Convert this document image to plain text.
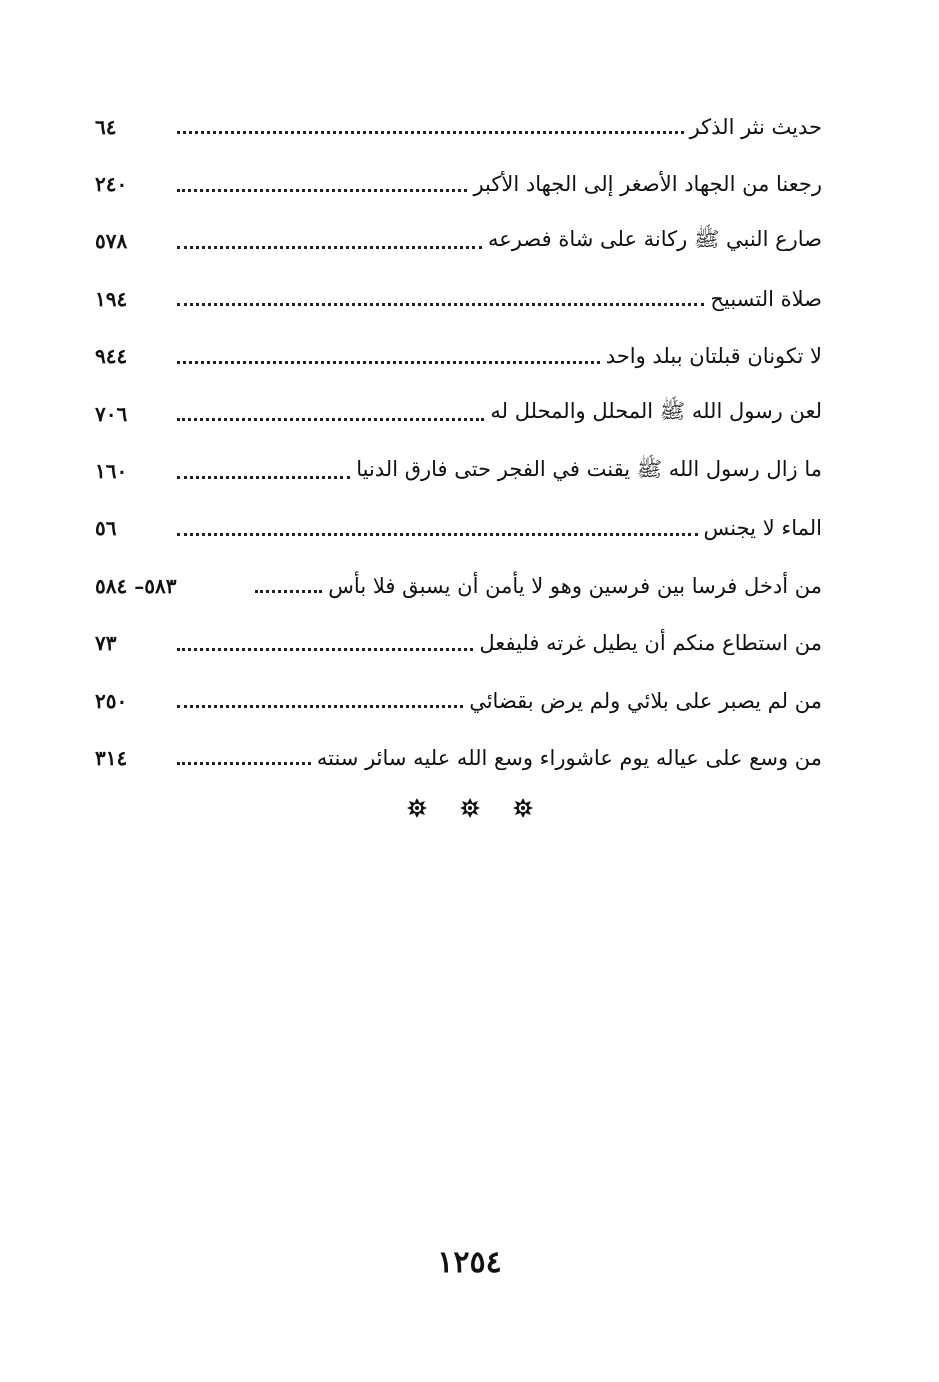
حديث نثر الذكر
٦٤
رجعنا من الجهاد الأصغر إلى الجهاد الأكبر
٢٤٠
صارع النبي ﷺ ركانة على شاة فصرعه
٥٧٨
صلاة التسبيح
١٩٤
لا تكونان قبلتان ببلد واحد
٩٤٤
لعن رسول الله ﷺ المحلل والمحلل له
٧٠٦
ما زال رسول الله ﷺ يقنت في الفجر حتى فارق الدنيا
١٦٠
الماء لا يجنس
٥٦
من أدخل فرسا بين فرسين وهو لا يأمن أن يسبق فلا بأس
٥٨٣– ٥٨٤
من استطاع منكم أن يطيل غرته فليفعل
٧٣
من لم يصبر على بلائي ولم يرض بقضائي
٢٥٠
من وسع على عياله يوم عاشوراء وسع الله عليه سائر سنته
٣١٤

١٢٥٤
